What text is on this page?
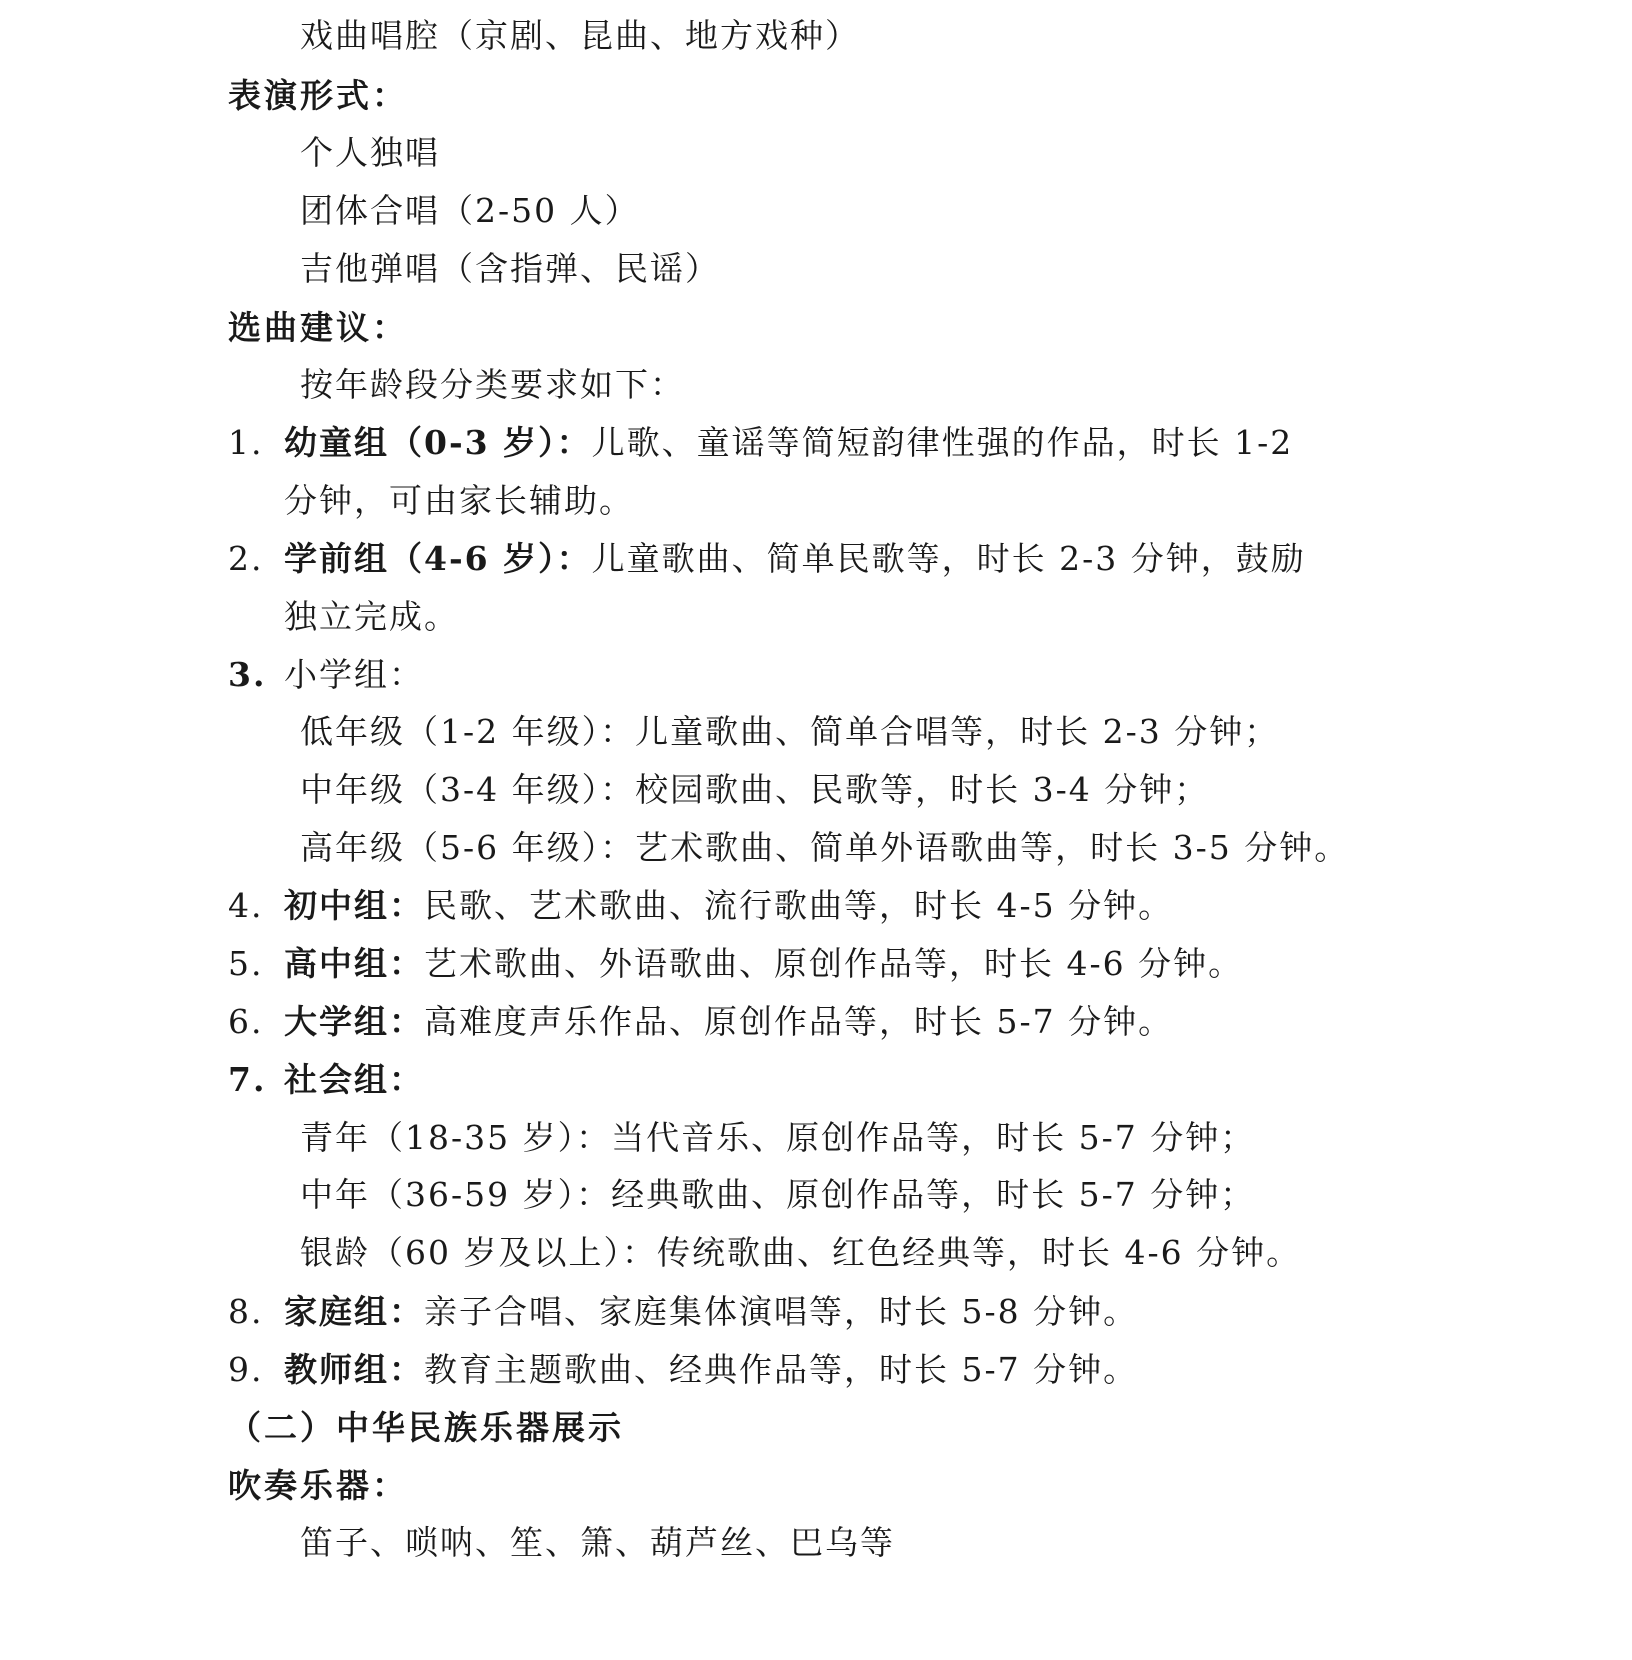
戏曲唱腔（京剧、昆曲、地方戏种）
表演形式：
个人独唱
团体合唱（2-50 人）
吉他弹唱（含指弹、民谣）
选曲建议：
按年龄段分类要求如下：
1. 幼童组（0-3 岁）：儿歌、童谣等简短韵律性强的作品，时长 1-2
分钟，可由家长辅助。
2. 学前组（4-6 岁）：儿童歌曲、简单民歌等，时长 2-3 分钟，鼓励
独立完成。
3. 小学组：
低年级（1-2 年级）：儿童歌曲、简单合唱等，时长 2-3 分钟；
中年级（3-4 年级）：校园歌曲、民歌等，时长 3-4 分钟；
高年级（5-6 年级）：艺术歌曲、简单外语歌曲等，时长 3-5 分钟。
4. 初中组：民歌、艺术歌曲、流行歌曲等，时长 4-5 分钟。
5. 高中组：艺术歌曲、外语歌曲、原创作品等，时长 4-6 分钟。
6. 大学组：高难度声乐作品、原创作品等，时长 5-7 分钟。
7. 社会组：
青年（18-35 岁）：当代音乐、原创作品等，时长 5-7 分钟；
中年（36-59 岁）：经典歌曲、原创作品等，时长 5-7 分钟；
银龄（60 岁及以上）：传统歌曲、红色经典等，时长 4-6 分钟。
8. 家庭组：亲子合唱、家庭集体演唱等，时长 5-8 分钟。
9. 教师组：教育主题歌曲、经典作品等，时长 5-7 分钟。
（二）中华民族乐器展示
吹奏乐器：
笛子、唢呐、笙、箫、葫芦丝、巴乌等
